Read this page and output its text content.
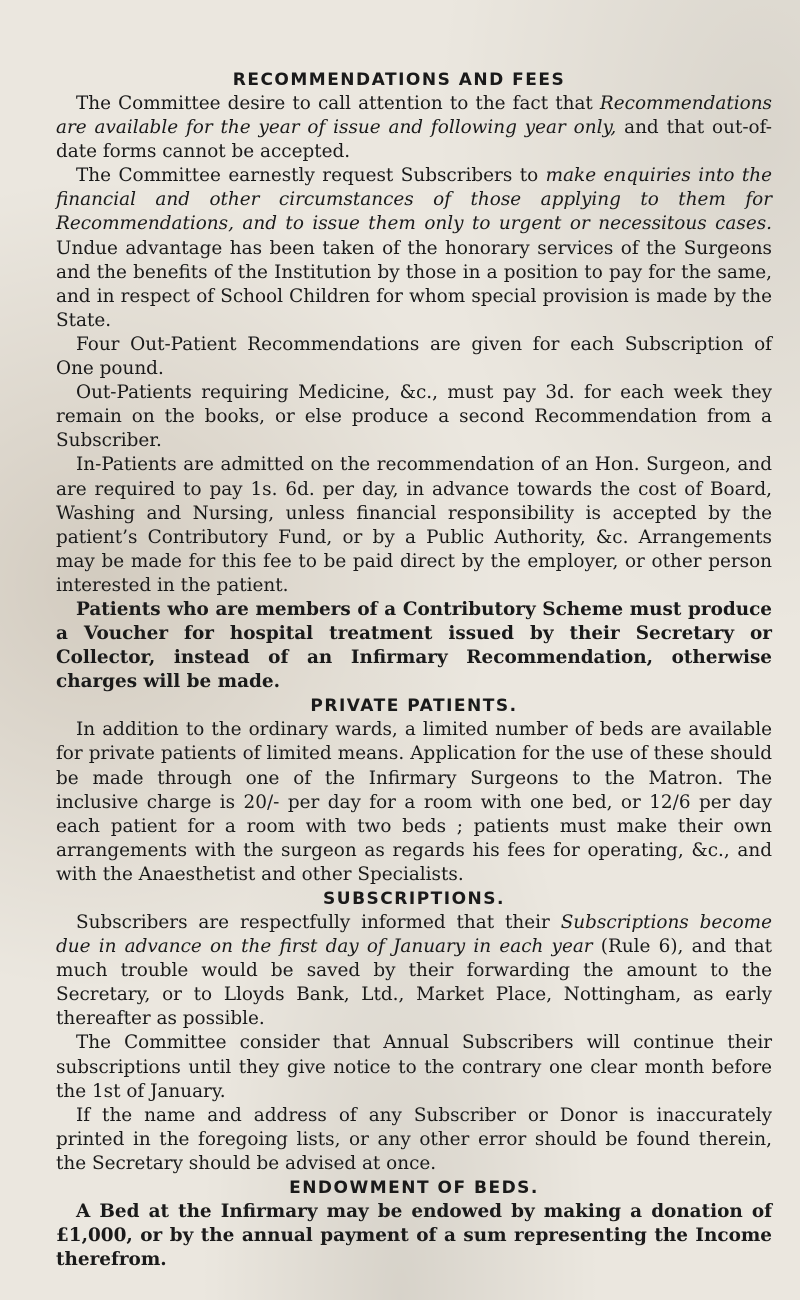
RECOMMENDATIONS AND FEES

The Committee desire to call attention to the fact that Recommendations are available for the year of issue and following year only, and that out-of-date forms cannot be accepted.

The Committee earnestly request Subscribers to make enquiries into the financial and other circumstances of those applying to them for Recommendations, and to issue them only to urgent or necessitous cases. Undue advantage has been taken of the honorary services of the Surgeons and the benefits of the Institution by those in a position to pay for the same, and in respect of School Children for whom special provision is made by the State.

Four Out-Patient Recommendations are given for each Subscription of One pound.

Out-Patients requiring Medicine, &c., must pay 3d. for each week they remain on the books, or else produce a second Recommendation from a Subscriber.

In-Patients are admitted on the recommendation of an Hon. Surgeon, and are required to pay 1s. 6d. per day, in advance towards the cost of Board, Washing and Nursing, unless financial responsibility is accepted by the patient’s Contributory Fund, or by a Public Authority, &c. Arrangements may be made for this fee to be paid direct by the employer, or other person interested in the patient.

Patients who are members of a Contributory Scheme must produce a Voucher for hospital treatment issued by their Secretary or Collector, instead of an Infirmary Recommendation, otherwise charges will be made.

PRIVATE PATIENTS.

In addition to the ordinary wards, a limited number of beds are available for private patients of limited means. Application for the use of these should be made through one of the Infirmary Surgeons to the Matron. The inclusive charge is 20/- per day for a room with one bed, or 12/6 per day each patient for a room with two beds ; patients must make their own arrangements with the surgeon as regards his fees for operating, &c., and with the Anaesthetist and other Specialists.

SUBSCRIPTIONS.

Subscribers are respectfully informed that their Subscriptions become due in advance on the first day of January in each year (Rule 6), and that much trouble would be saved by their forwarding the amount to the Secretary, or to Lloyds Bank, Ltd., Market Place, Nottingham, as early thereafter as possible.

The Committee consider that Annual Subscribers will continue their subscriptions until they give notice to the contrary one clear month before the 1st of January.

If the name and address of any Subscriber or Donor is inaccurately printed in the foregoing lists, or any other error should be found therein, the Secretary should be advised at once.

ENDOWMENT OF BEDS.

A Bed at the Infirmary may be endowed by making a donation of £1,000, or by the annual payment of a sum representing the Income therefrom.
